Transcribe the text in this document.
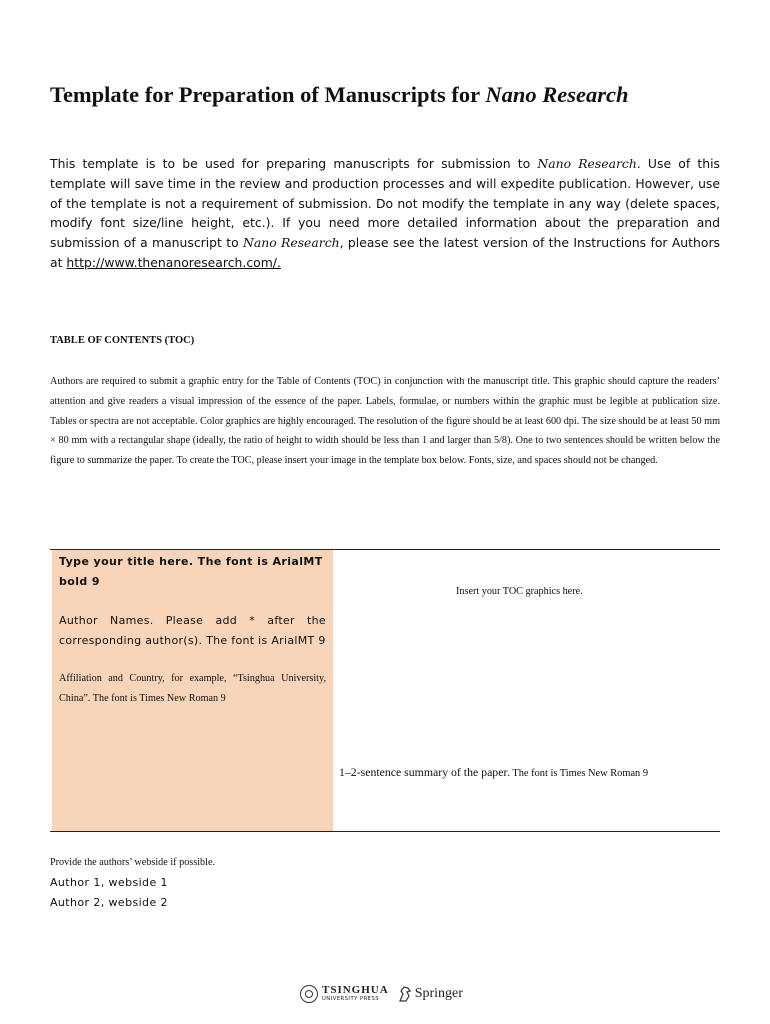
Template for Preparation of Manuscripts for Nano Research

This template is to be used for preparing manuscripts for submission to Nano Research. Use of this template will save time in the review and production processes and will expedite publication. However, use of the template is not a requirement of submission. Do not modify the template in any way (delete spaces, modify font size/line height, etc.). If you need more detailed information about the preparation and submission of a manuscript to Nano Research, please see the latest version of the Instructions for Authors at http://www.thenanoresearch.com/.

TABLE OF CONTENTS (TOC)

Authors are required to submit a graphic entry for the Table of Contents (TOC) in conjunction with the manuscript title. This graphic should capture the readers’ attention and give readers a visual impression of the essence of the paper. Labels, formulae, or numbers within the graphic must be legible at publication size. Tables or spectra are not acceptable. Color graphics are highly encouraged. The resolution of the figure should be at least 600 dpi. The size should be at least 50 mm × 80 mm with a rectangular shape (ideally, the ratio of height to width should be less than 1 and larger than 5/8). One to two sentences should be written below the figure to summarize the paper. To create the TOC, please insert your image in the template box below. Fonts, size, and spaces should not be changed.

Type your title here. The font is ArialMT bold 9

Author Names. Please add * after the corresponding author(s). The font is ArialMT 9

Affiliation and Country, for example, “Tsinghua University, China”. The font is Times New Roman 9

Insert your TOC graphics here.
1–2-sentence summary of the paper. The font is Times New Roman 9
Provide the authors’ webside if possible.
Author 1, webside 1
Author 2, webside 2
TSINGHUA
UNIVERSITY PRESS	Springer
